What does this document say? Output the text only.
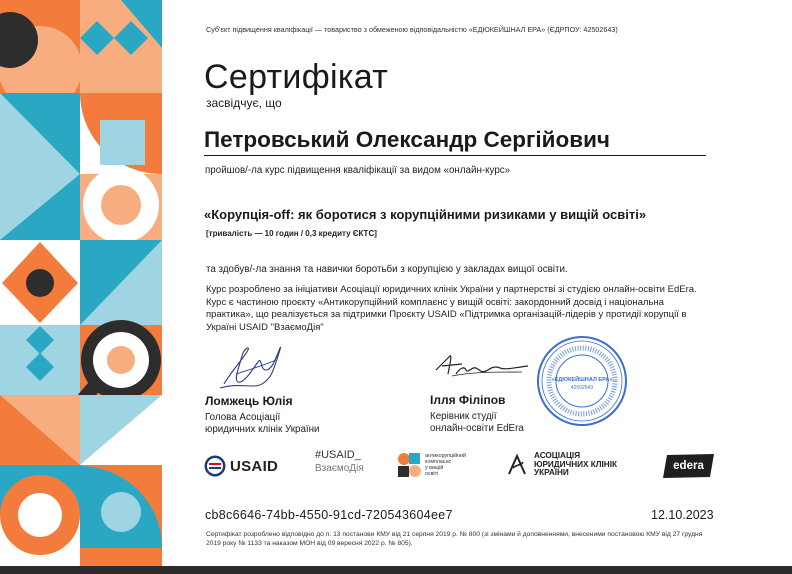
Суб'єкт підвищення кваліфікації — товариство з обмеженою відповідальністю «ЕДЮКЕЙШНАЛ ЕРА» (ЄДРПОУ: 42502643)
Сертифікат
засвідчує, що
Петровський Олександр Сергійович
пройшов/-ла курс підвищення кваліфікації за видом «онлайн-курс»
«Корупція-off: як боротися з корупційними ризиками у вищій освіті»
[тривалість — 10 годин / 0,3 кредиту ЄКТС]
та здобув/-ла знання та навички боротьби з корупцією у закладах вищої освіти.
Курс розроблено за ініціативи Асоціації юридичних клінік України у партнерстві зі студією онлайн-освіти EdEra. Курс є частиною проєкту «Антикорупційний комплаєнс у вищій освіті: закордонний досвід і національна практика», що реалізується за підтримки Проєкту USAID «Підтримка організацій-лідерів у протидії корупції в Україні USAID "ВзаємоДія"
«ЕДЮКЕЙШНАЛ ЕРА»
42502643
Ломжець Юлія
Голова Асоціації
юридичних клінік України
Ілля Філіпов
Керівник студії
онлайн-освіти EdEra
USAID
#USAID_
ВзаємоДія
антикорупційний
комплаєнс
у вищій
освіті
АСОЦІАЦІЯ
ЮРИДИЧНИХ КЛІНІК
УКРАЇНИ
edera
cb8c6646-74bb-4550-91cd-720543604ee7	12.10.2023
Сертифікат розроблено відповідно до п. 13 постанови КМУ від 21 серпня 2019 р. № 800 (зі змінами й доповненнями, внесеними постановою КМУ від 27 грудня 2019 року № 1133 та наказом МОН від 09 вересня 2022 р. № 805).
